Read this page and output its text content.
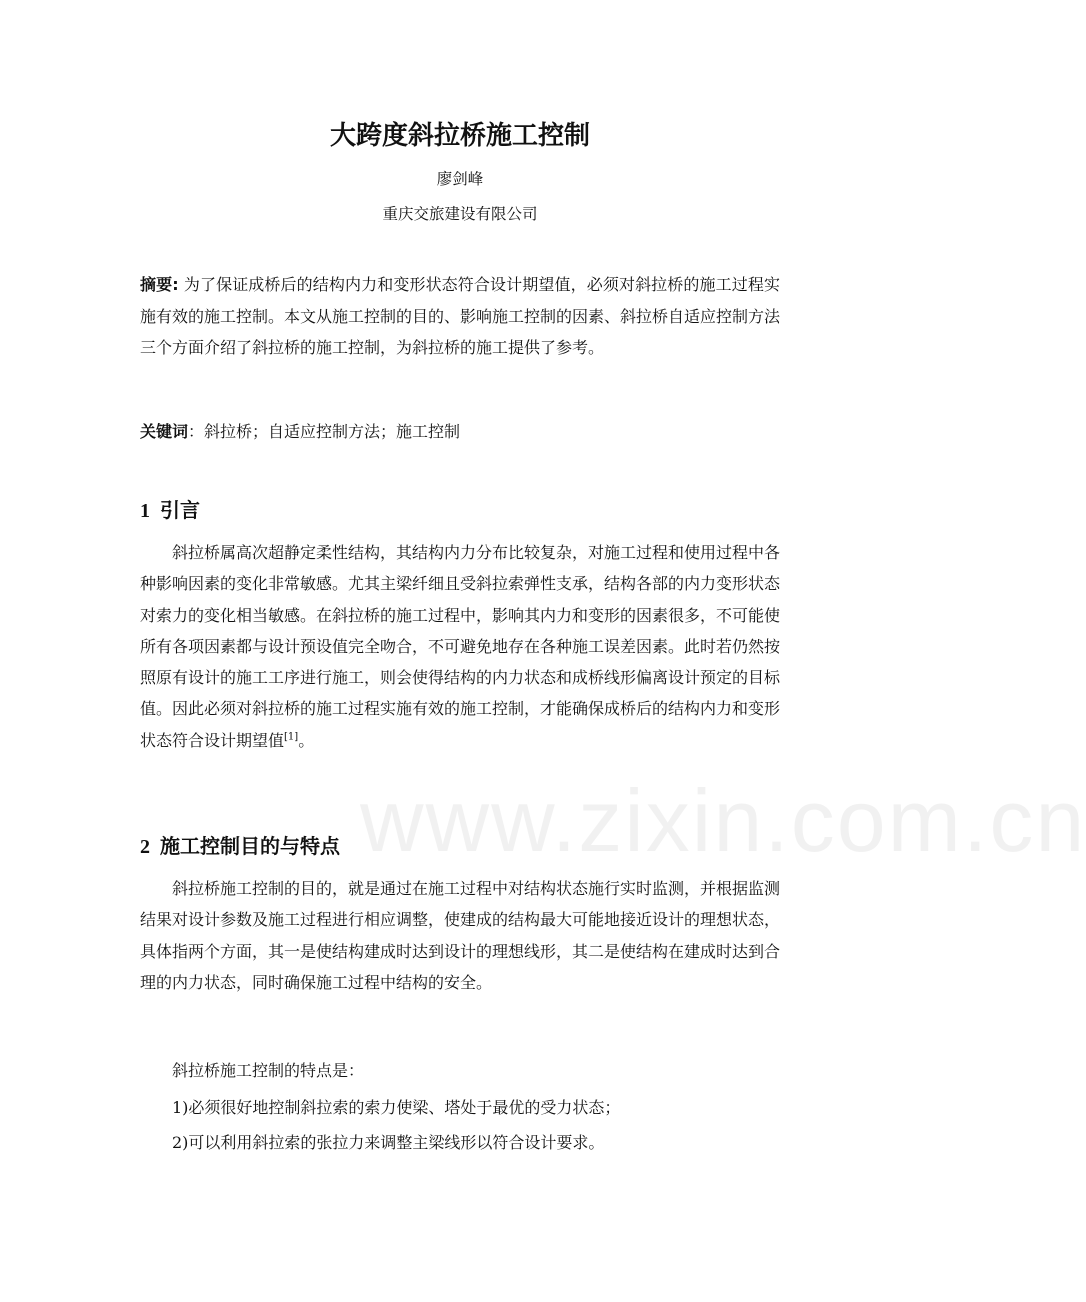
www.zixin.com.cn
大跨度斜拉桥施工控制
廖剑峰
重庆交旅建设有限公司

摘要: 为了保证成桥后的结构内力和变形状态符合设计期望值，必须对斜拉桥的施工过程实施有效的施工控制。本文从施工控制的目的、影响施工控制的因素、斜拉桥自适应控制方法三个方面介绍了斜拉桥的施工控制，为斜拉桥的施工提供了参考。

关键词：斜拉桥；自适应控制方法；施工控制

1 引言

斜拉桥属高次超静定柔性结构，其结构内力分布比较复杂，对施工过程和使用过程中各种影响因素的变化非常敏感。尤其主梁纤细且受斜拉索弹性支承，结构各部的内力变形状态对索力的变化相当敏感。在斜拉桥的施工过程中，影响其内力和变形的因素很多，不可能使所有各项因素都与设计预设值完全吻合，不可避免地存在各种施工误差因素。此时若仍然按照原有设计的施工工序进行施工，则会使得结构的内力状态和成桥线形偏离设计预定的目标值。因此必须对斜拉桥的施工过程实施有效的施工控制，才能确保成桥后的结构内力和变形状态符合设计期望值[1]。

2 施工控制目的与特点

斜拉桥施工控制的目的，就是通过在施工过程中对结构状态施行实时监测，并根据监测结果对设计参数及施工过程进行相应调整，使建成的结构最大可能地接近设计的理想状态，具体指两个方面，其一是使结构建成时达到设计的理想线形，其二是使结构在建成时达到合理的内力状态，同时确保施工过程中结构的安全。

斜拉桥施工控制的特点是：

1)必须很好地控制斜拉索的索力使梁、塔处于最优的受力状态；

2)可以利用斜拉索的张拉力来调整主梁线形以符合设计要求。
